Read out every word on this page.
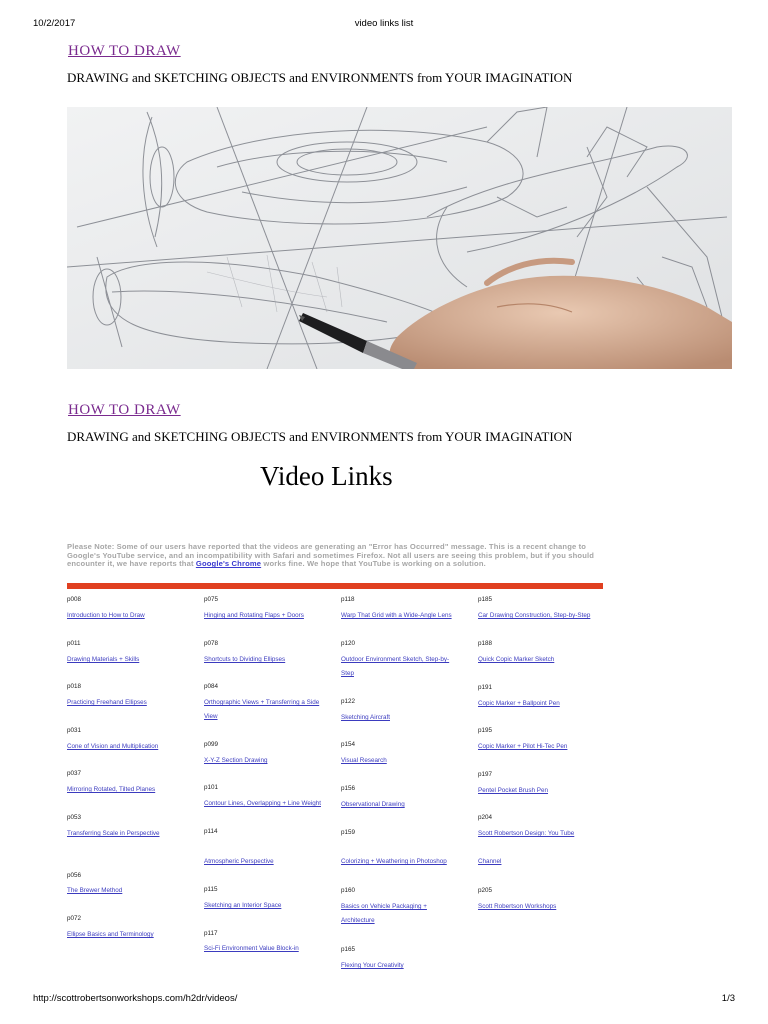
10/2/2017	video links list
HOW TO DRAW
DRAWING and SKETCHING OBJECTS and ENVIRONMENTS from YOUR IMAGINATION
HOW TO DRAW
DRAWING and SKETCHING OBJECTS and ENVIRONMENTS from YOUR IMAGINATION
Video Links
Please Note: Some of our users have reported that the videos are generating an "Error has Occurred" message. This is a recent change to Google's YouTube service, and an incompatibility with Safari and sometimes Firefox. Not all users are seeing this problem, but if you should encounter it, we have reports that Google's Chrome works fine. We hope that YouTube is working on a solution.
p008
Introduction to How to Draw
p011
Drawing Materials + Skills
p018
Practicing Freehand Ellipses
p031
Cone of Vision and Multiplication
p037
Mirroring Rotated, Tilted Planes
p053
Transferring Scale in Perspective
p056
The Brewer Method
p072
Ellipse Basics and Terminology
p075
Hinging and Rotating Flaps + Doors
p078
Shortcuts to Dividing Ellipses
p084
Orthographic Views + Transferring a Side
View
p099
X-Y-Z Section Drawing
p101
Contour Lines, Overlapping + Line Weight
p114
Atmospheric Perspective
p115
Sketching an Interior Space
p117
Sci-Fi Environment Value Block-in
p118
Warp That Grid with a Wide-Angle Lens
p120
Outdoor Environment Sketch, Step-by-
Step
p122
Sketching Aircraft
p154
Visual Research
p156
Observational Drawing
p159
Colorizing + Weathering in Photoshop
p160
Basics on Vehicle Packaging +
Architecture
p165
Flexing Your Creativity
p185
Car Drawing Construction, Step-by-Step
p188
Quick Copic Marker Sketch
p191
Copic Marker + Ballpoint Pen
p195
Copic Marker + Pilot Hi-Tec Pen
p197
Pentel Pocket Brush Pen
p204
Scott Robertson Design: You Tube
Channel
p205
Scott Robertson Workshops
http://scottrobertsonworkshops.com/h2dr/videos/	1/3
